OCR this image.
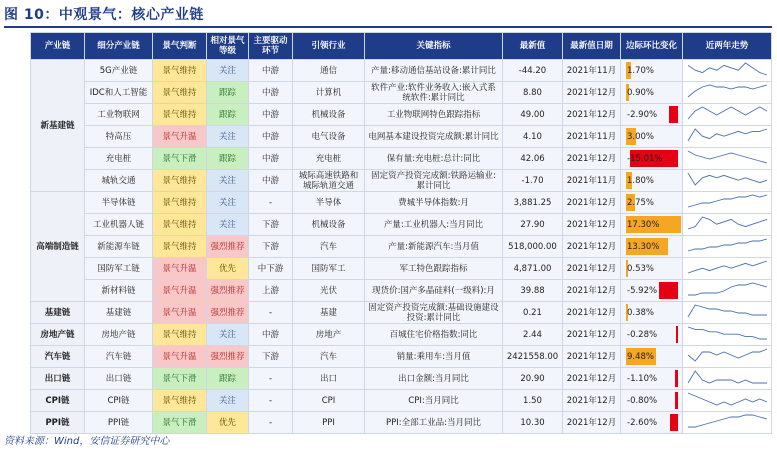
图 10：中观景气：核心产业链
产业链	细分产业链	景气判断	相对景气等级	主要驱动环节	引领行业	关键指标	最新值	最新值日期	边际环比变化	近两年走势
新基建链	5G产业链	景气维持	关注	中游	通信	产量:移动通信基站设备:累计同比	-44.20	2021年11月	1.70%	
	IDC和人工智能	景气维持	跟踪	中游	计算机	软件产业:软件业务收入:嵌入式系统软件:累计同比	8.80	2021年12月	0.90%	
	工业物联网	景气维持	跟踪	中游	机械设备	工业物联网特色跟踪指标	49.00	2021年12月	-2.90%	
	特高压	景气升温	关注	中游	电气设备	电网基本建设投资完成额:累计同比	4.10	2021年11月	3.00%	
	充电桩	景气下滑	跟踪	中游	充电桩	保有量:充电桩:总计:同比	42.06	2021年12月	-15.01%	
	城轨交通	景气维持	关注	中游	城际高速铁路和城际轨道交通	固定资产投资完成额:铁路运输业:累计同比	-1.70	2021年11月	1.80%	
高端制造链	半导体链	景气维持	关注	-	半导体	费城半导体指数:月	3,881.25	2021年12月	2.75%	
	工业机器人链	景气维持	关注	下游	机械设备	产量:工业机器人:当月同比	27.90	2021年12月	17.30%	
	新能源车链	景气维持	强烈推荐	下游	汽车	产量:新能源汽车:当月值	518,000.00	2021年12月	13.30%	
	国防军工链	景气升温	优先	中下游	国防军工	军工特色跟踪指标	4,871.00	2021年12月	0.53%	
	新材料链	景气升温	强烈推荐	上游	光伏	现货价:国产多晶硅料(一级料):月	39.88	2021年12月	-5.92%	
基建链	基建链	景气升温	强烈推荐	-	基建	固定资产投资完成额:基础设施建设投资:累计同比	0.21	2021年12月	0.38%	
房地产链	房地产链	景气维持	关注	中游	房地产	百城住宅价格指数:同比	2.44	2021年12月	-0.28%	
汽车链	汽车链	景气升温	强烈推荐	下游	汽车	销量:乘用车:当月值	2421558.00	2021年12月	9.48%	
出口链	出口链	景气下滑	跟踪	-	出口	出口金额:当月同比	20.90	2021年12月	-1.10%	
CPI链	CPI链	景气维持	关注	-	CPI	CPI:当月同比	1.50	2021年12月	-0.80%	
PPI链	PPI链	景气下滑	优先	-	PPI	PPI:全部工业品:当月同比	10.30	2021年12月	-2.60%	
资料来源：Wind，安信证券研究中心
